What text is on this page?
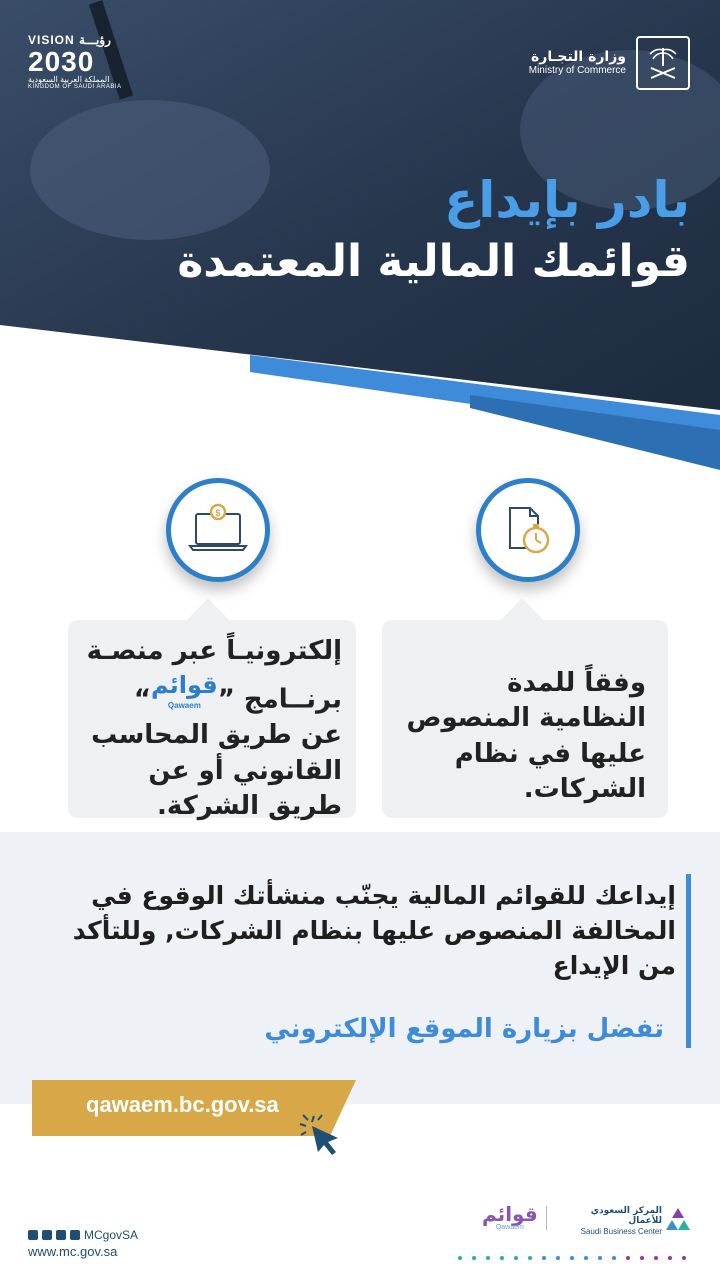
وزارة التجـارة
Ministry of Commerce
VISION رؤيـــة
2030
المملكة العربية السعودية
KINGDOM OF SAUDI ARABIA
بادر بإيداع
قوائمك المالية المعتمدة
$
وفقاً للمدة النظامية المنصوص عليها في نظام الشركات.
إلكترونيـاً عبر منصـة
برنــامج ”قوائم
Qawaem
“
عن طريق المحاسب القانوني أو عن طريق الشركة.
إيداعك للقوائم المالية يجنّب منشأتك الوقوع في المخالفة المنصوص عليها بنظام الشركات, وللتأكد من الإيداع
تفضل بزيارة الموقع الإلكتروني
qawaem.bc.gov.sa
MCgovSA
www.mc.gov.sa
قوائم
Qawaem
المركز السعودي للأعمال
Saudi Business Center
